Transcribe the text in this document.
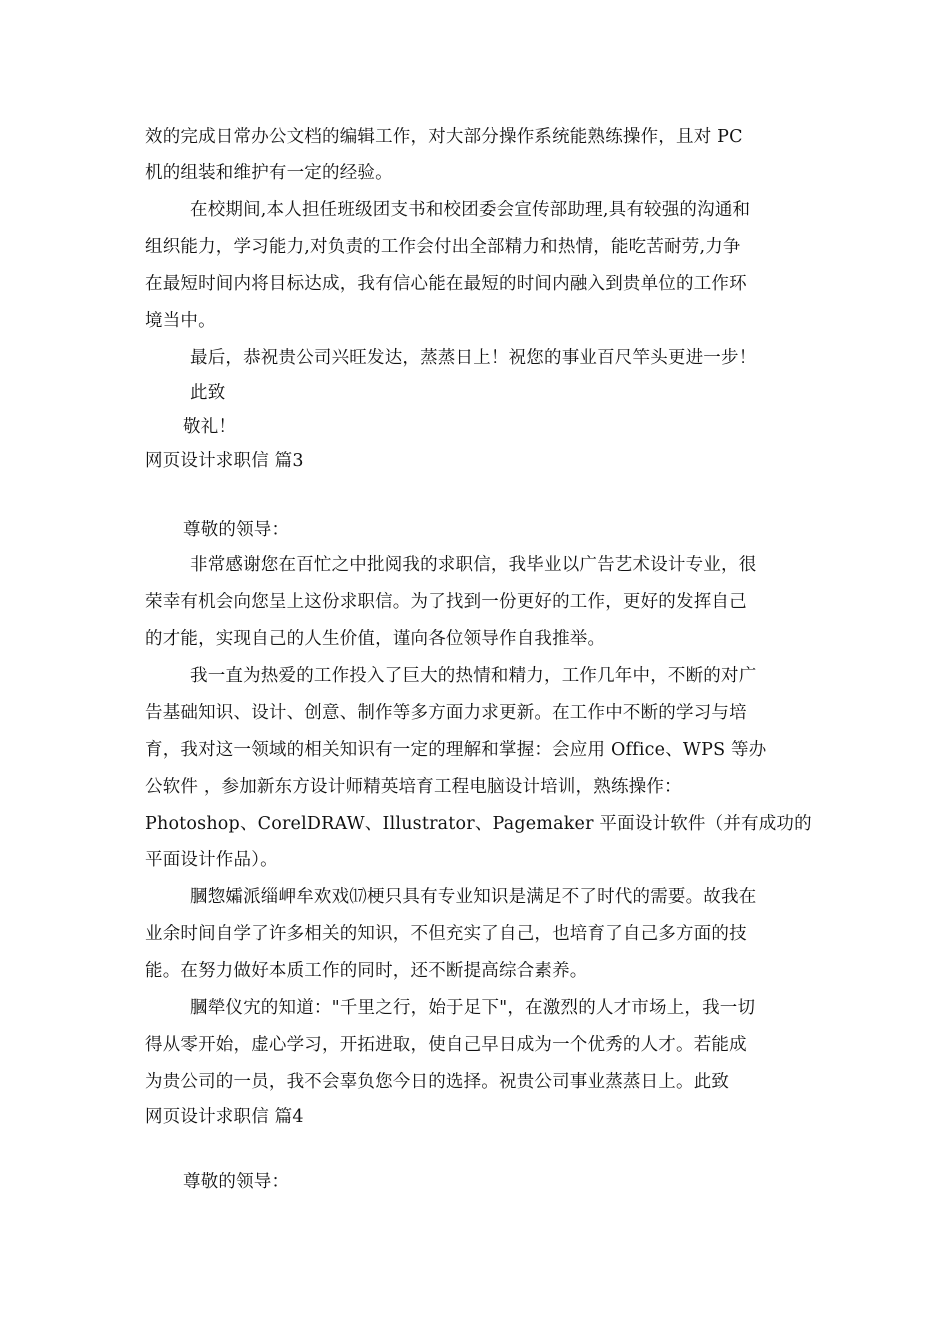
效的完成日常办公文档的编辑工作，对大部分操作系统能熟练操作，且对 PC
机的组装和维护有一定的经验。
在校期间,本人担任班级团支书和校团委会宣传部助理,具有较强的沟通和
组织能力，学习能力,对负责的工作会付出全部精力和热情，能吃苦耐劳,力争
在最短时间内将目标达成，我有信心能在最短的时间内融入到贵单位的工作环
境当中。
最后，恭祝贵公司兴旺发达，蒸蒸日上！祝您的事业百尺竿头更进一步！
此致
敬礼！
网页设计求职信 篇3
尊敬的领导：
非常感谢您在百忙之中批阅我的求职信，我毕业以广告艺术设计专业，很
荣幸有机会向您呈上这份求职信。为了找到一份更好的工作，更好的发挥自己
的才能，实现自己的人生价值，谨向各位领导作自我推举。
我一直为热爱的工作投入了巨大的热情和精力，工作几年中，不断的对广
告基础知识、设计、创意、制作等多方面力求更新。在工作中不断的学习与培
育，我对这一领域的相关知识有一定的理解和掌握：会应用 Office、WPS 等办
公软件 ，参加新东方设计师精英培育工程电脑设计培训，熟练操作：
Photoshop、CorelDRAW、Illustrator、Pagemaker 平面设计软件（并有成功的
平面设计作品）。
膕惣孀派缁岬牟欢戏⒄梗只具有专业知识是满足不了时代的需要。故我在
业余时间自学了许多相关的知识，不但充实了自己，也培育了自己多方面的技
能。在努力做好本质工作的同时，还不断提高综合素养。
膕犖仪宄的知道："千里之行，始于足下"，在激烈的人才市场上，我一切
得从零开始，虚心学习，开拓进取，使自己早日成为一个优秀的人才。若能成
为贵公司的一员，我不会辜负您今日的选择。祝贵公司事业蒸蒸日上。此致
网页设计求职信 篇4
尊敬的领导：
